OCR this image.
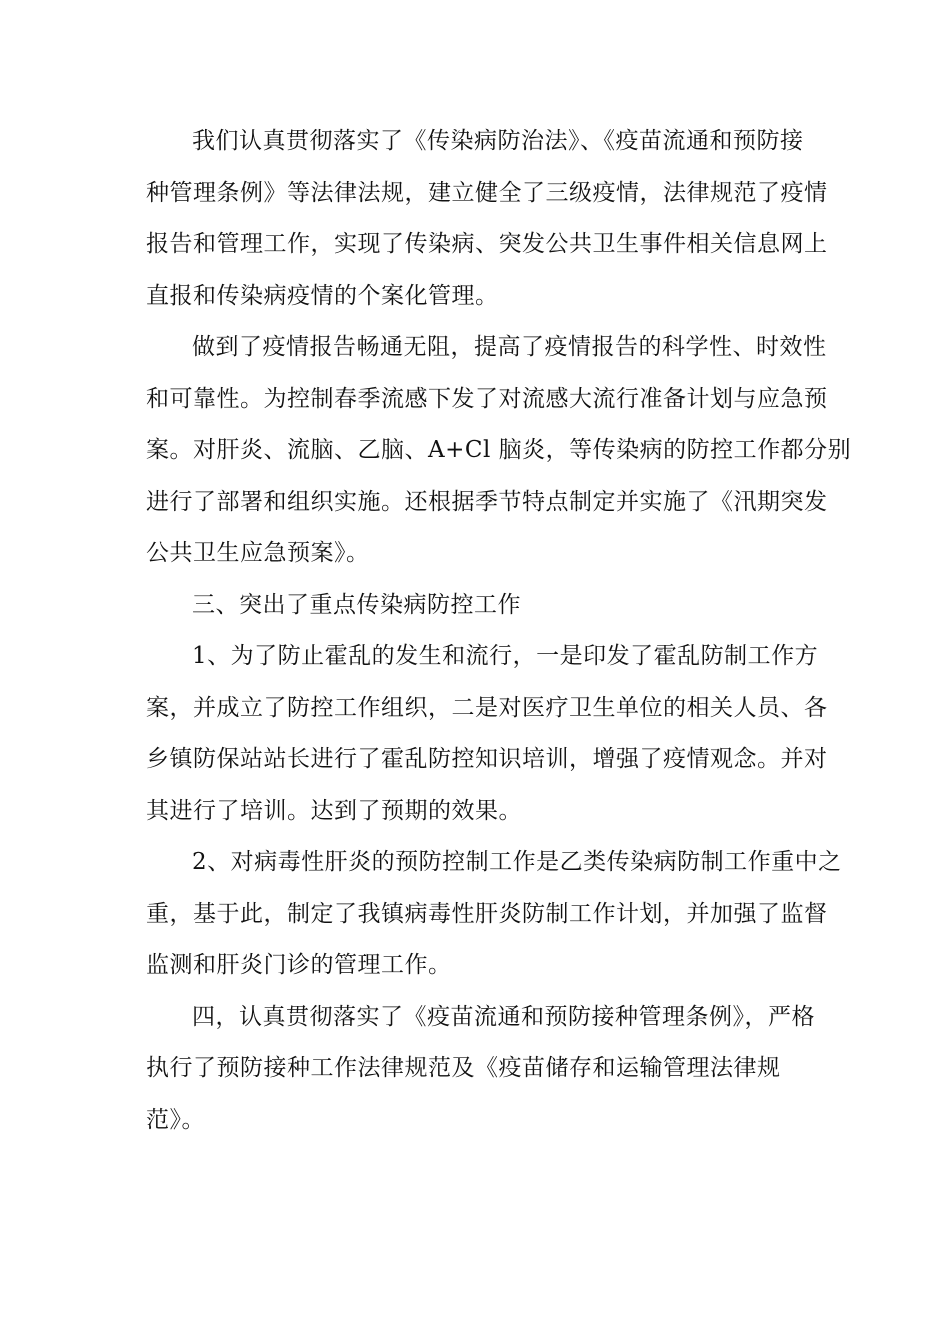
我们认真贯彻落实了《传染病防治法》、《疫苗流通和预防接
种管理条例》等法律法规，建立健全了三级疫情，法律规范了疫情
报告和管理工作，实现了传染病、突发公共卫生事件相关信息网上
直报和传染病疫情的个案化管理。
做到了疫情报告畅通无阻，提高了疫情报告的科学性、时效性
和可靠性。为控制春季流感下发了对流感大流行准备计划与应急预
案。对肝炎、流脑、乙脑、A+Cl 脑炎，等传染病的防控工作都分别
进行了部署和组织实施。还根据季节特点制定并实施了《汛期突发
公共卫生应急预案》。
三、突出了重点传染病防控工作
1、为了防止霍乱的发生和流行，一是印发了霍乱防制工作方
案，并成立了防控工作组织，二是对医疗卫生单位的相关人员、各
乡镇防保站站长进行了霍乱防控知识培训，增强了疫情观念。并对
其进行了培训。达到了预期的效果。
2、对病毒性肝炎的预防控制工作是乙类传染病防制工作重中之
重，基于此，制定了我镇病毒性肝炎防制工作计划，并加强了监督
监测和肝炎门诊的管理工作。
四，认真贯彻落实了《疫苗流通和预防接种管理条例》，严格
执行了预防接种工作法律规范及《疫苗储存和运输管理法律规
范》。
